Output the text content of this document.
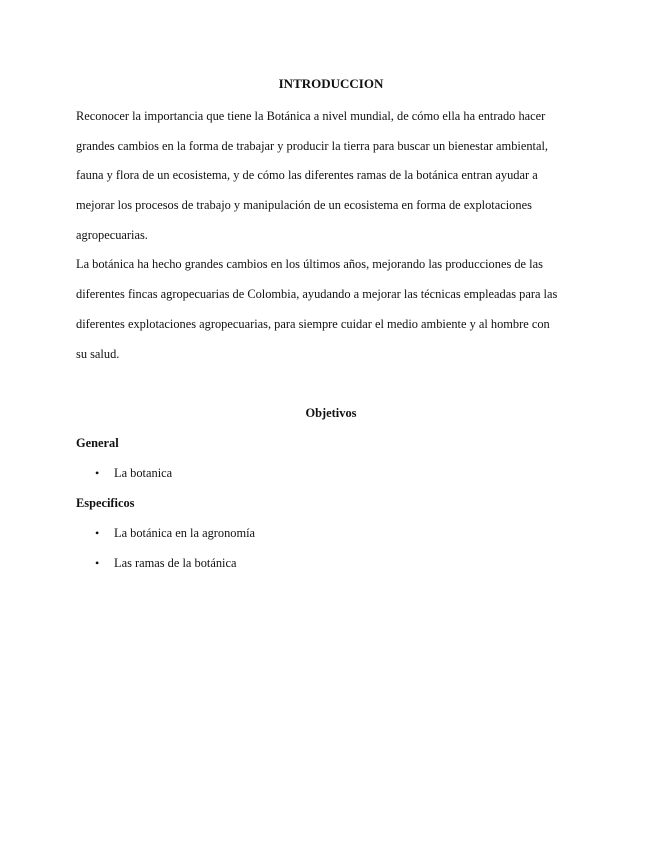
INTRODUCCION

Reconocer la importancia que tiene la Botánica a nivel mundial, de cómo ella ha entrado hacer
grandes cambios en la forma de trabajar y producir la tierra para buscar un bienestar ambiental,
fauna y flora de un ecosistema, y de cómo las diferentes ramas de la botánica entran ayudar a
mejorar los procesos de trabajo y manipulación de un ecosistema en forma de explotaciones
agropecuarias.

La botánica ha hecho grandes cambios en los últimos años, mejorando las producciones de las
diferentes fincas agropecuarias de Colombia, ayudando a mejorar las técnicas empleadas para las
diferentes explotaciones agropecuarias, para siempre cuidar el medio ambiente y al hombre con
su salud.

Objetivos
General
• La botanica
Especificos
• La botánica en la agronomía
• Las ramas de la botánica
